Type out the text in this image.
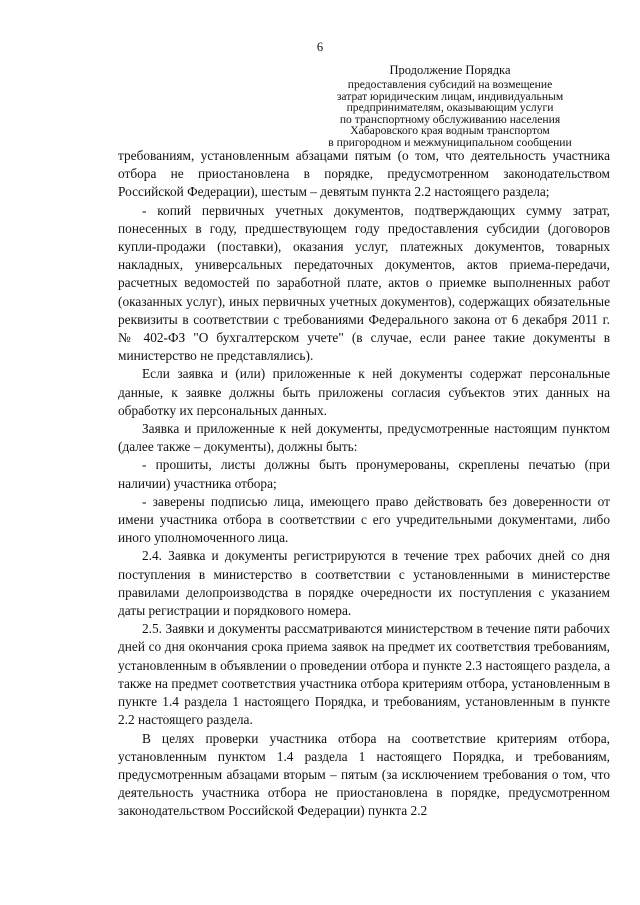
6
Продолжение Порядка
предоставления субсидий на возмещение
затрат юридическим лицам, индивидуальным
предпринимателям, оказывающим услуги
по транспортному обслуживанию населения
Хабаровского края водным транспортом
в пригородном и межмуниципальном сообщении

требованиям, установленным абзацами пятым (о том, что деятельность участника отбора не приостановлена в порядке, предусмотренном законодательством Российской Федерации), шестым – девятым пункта 2.2 настоящего раздела;

- копий первичных учетных документов, подтверждающих сумму затрат, понесенных в году, предшествующем году предоставления субсидии (договоров купли-продажи (поставки), оказания услуг, платежных документов, товарных накладных, универсальных передаточных документов, актов приема-передачи, расчетных ведомостей по заработной плате, актов о приемке выполненных работ (оказанных услуг), иных первичных учетных документов), содержащих обязательные реквизиты в соответствии с требованиями Федерального закона от 6 декабря 2011 г. № 402-ФЗ "О бухгалтерском учете" (в случае, если ранее такие документы в министерство не представлялись).

Если заявка и (или) приложенные к ней документы содержат персональные данные, к заявке должны быть приложены согласия субъектов этих данных на обработку их персональных данных.

Заявка и приложенные к ней документы, предусмотренные настоящим пунктом (далее также – документы), должны быть:

- прошиты, листы должны быть пронумерованы, скреплены печатью (при наличии) участника отбора;

- заверены подписью лица, имеющего право действовать без доверенности от имени участника отбора в соответствии с его учредительными документами, либо иного уполномоченного лица.

2.4. Заявка и документы регистрируются в течение трех рабочих дней со дня поступления в министерство в соответствии с установленными в министерстве правилами делопроизводства в порядке очередности их поступления с указанием даты регистрации и порядкового номера.

2.5. Заявки и документы рассматриваются министерством в течение пяти рабочих дней со дня окончания срока приема заявок на предмет их соответствия требованиям, установленным в объявлении о проведении отбора и пункте 2.3 настоящего раздела, а также на предмет соответствия участника отбора критериям отбора, установленным в пункте 1.4 раздела 1 настоящего Порядка, и требованиям, установленным в пункте 2.2 настоящего раздела.

В целях проверки участника отбора на соответствие критериям отбора, установленным пунктом 1.4 раздела 1 настоящего Порядка, и требованиям, предусмотренным абзацами вторым – пятым (за исключением требования о том, что деятельность участника отбора не приостановлена в порядке, предусмотренном законодательством Российской Федерации) пункта 2.2
